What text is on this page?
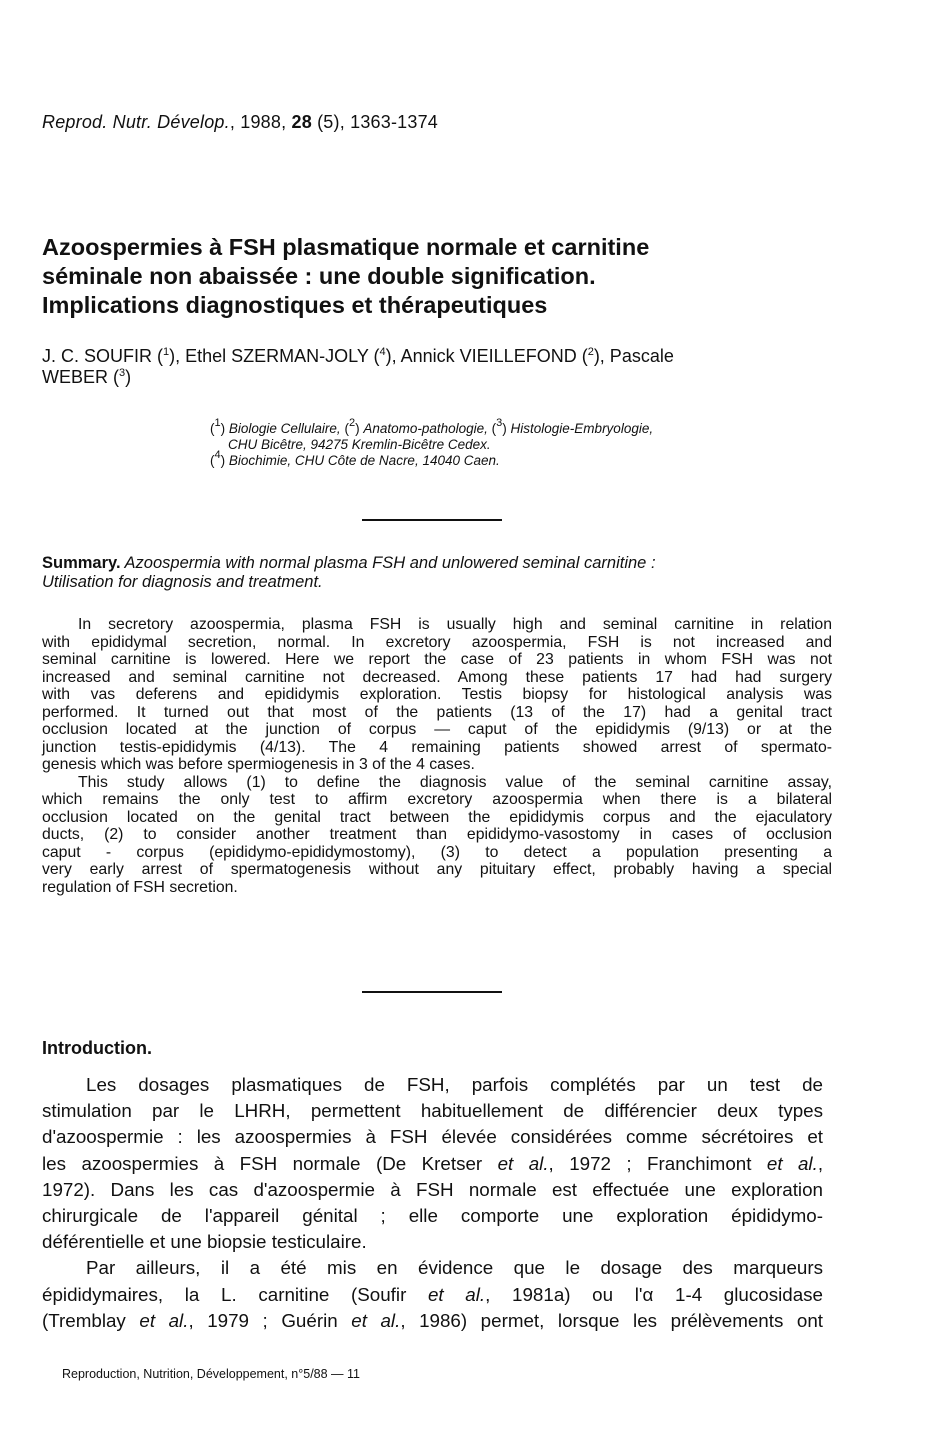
Reprod. Nutr. Dévelop., 1988, 28 (5), 1363-1374
Azoospermies à FSH plasmatique normale et carnitine
séminale non abaissée : une double signification.
Implications diagnostiques et thérapeutiques
J. C. SOUFIR ($^1$), Ethel SZERMAN-JOLY ($^4$), Annick VIEILLEFOND ($^2$), Pascale
WEBER ($^3$)
($^1$) Biologie Cellulaire, ($^2$) Anatomo-pathologie, ($^3$) Histologie-Embryologie,
CHU Bicêtre, 94275 Kremlin-Bicêtre Cedex.
($^4$) Biochimie, CHU Côte de Nacre, 14040 Caen.
Summary. Azoospermia with normal plasma FSH and unlowered seminal carnitine :
Utilisation for diagnosis and treatment.
In secretory azoospermia, plasma FSH is usually high and seminal carnitine in relation
with epididymal secretion, normal. In excretory azoospermia, FSH is not increased and
seminal carnitine is lowered. Here we report the case of 23 patients in whom FSH was not
increased and seminal carnitine not decreased. Among these patients 17 had had surgery
with vas deferens and epididymis exploration. Testis biopsy for histological analysis was
performed. It turned out that most of the patients (13 of the 17) had a genital tract
occlusion located at the junction of corpus — caput of the epididymis (9/13) or at the
junction testis-epididymis (4/13). The 4 remaining patients showed arrest of spermato-
genesis which was before spermiogenesis in 3 of the 4 cases.
This study allows (1) to define the diagnosis value of the seminal carnitine assay,
which remains the only test to affirm excretory azoospermia when there is a bilateral
occlusion located on the genital tract between the epididymis corpus and the ejaculatory
ducts, (2) to consider another treatment than epididymo-vasostomy in cases of occlusion
caput - corpus (epididymo-epididymostomy), (3) to detect a population presenting a
very early arrest of spermatogenesis without any pituitary effect, probably having a special
regulation of FSH secretion.
Introduction.
Les dosages plasmatiques de FSH, parfois complétés par un test de
stimulation par le LHRH, permettent habituellement de différencier deux types
d'azoospermie : les azoospermies à FSH élevée considérées comme sécrétoires et
les azoospermies à FSH normale (De Kretser et al., 1972 ; Franchimont et al.,
1972). Dans les cas d'azoospermie à FSH normale est effectuée une exploration
chirurgicale de l'appareil génital ; elle comporte une exploration épididymo-
déférentielle et une biopsie testiculaire.
Par ailleurs, il a été mis en évidence que le dosage des marqueurs
épididymaires, la L. carnitine (Soufir et al., 1981a) ou l'α 1-4 glucosidase
(Tremblay et al., 1979 ; Guérin et al., 1986) permet, lorsque les prélèvements ont
Reproduction, Nutrition, Développement, n°5/88 — 11
